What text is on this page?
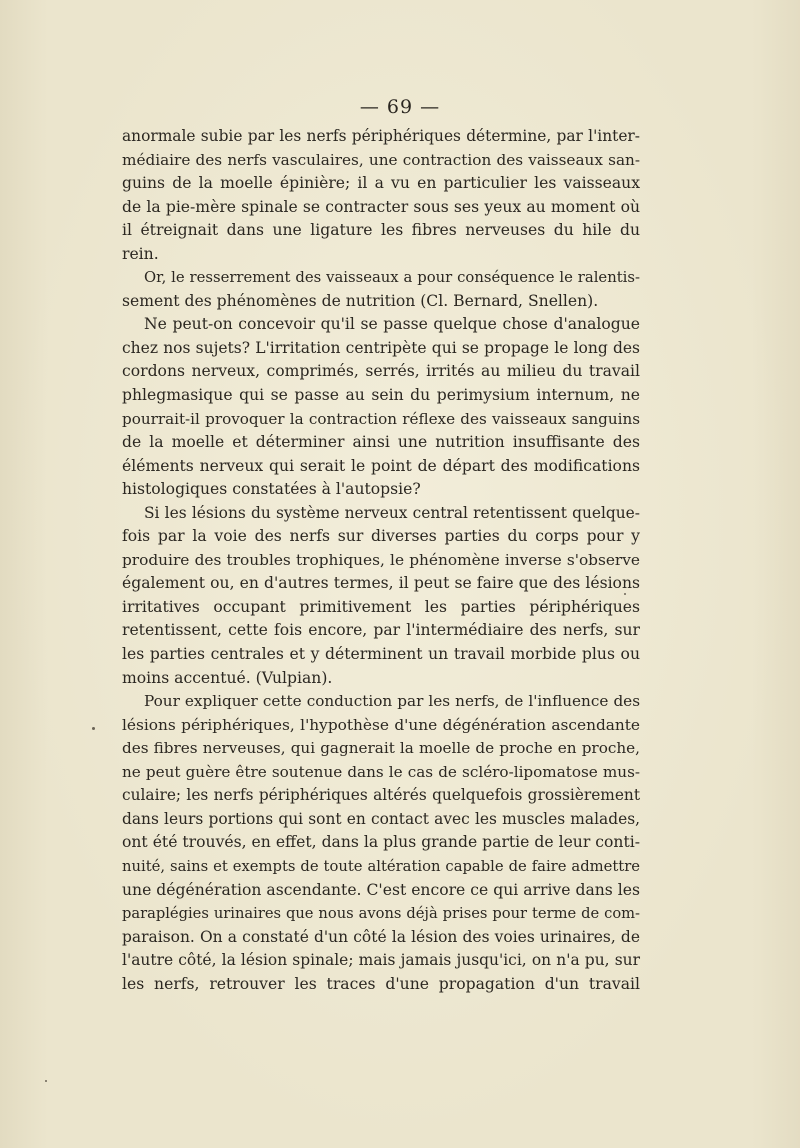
— 69 —
anormale subie par les nerfs périphériques détermine, par l'inter-
médiaire des nerfs vasculaires, une contraction des vaisseaux san-
guins de la moelle épinière; il a vu en particulier les vaisseaux
de la pie-mère spinale se contracter sous ses yeux au moment où
il étreignait dans une ligature les fibres nerveuses du hile du
rein.
Or, le resserrement des vaisseaux a pour conséquence le ralentis-
sement des phénomènes de nutrition (Cl. Bernard, Snellen).
Ne peut-on concevoir qu'il se passe quelque chose d'analogue
chez nos sujets? L'irritation centripète qui se propage le long des
cordons nerveux, comprimés, serrés, irrités au milieu du travail
phlegmasique qui se passe au sein du perimysium internum, ne
pourrait-il provoquer la contraction réflexe des vaisseaux sanguins
de la moelle et déterminer ainsi une nutrition insuffisante des
éléments nerveux qui serait le point de départ des modifications
histologiques constatées à l'autopsie?
Si les lésions du système nerveux central retentissent quelque-
fois par la voie des nerfs sur diverses parties du corps pour y
produire des troubles trophiques, le phénomène inverse s'observe
également ou, en d'autres termes, il peut se faire que des lésions
irritatives occupant primitivement les parties périphériques
retentissent, cette fois encore, par l'intermédiaire des nerfs, sur
les parties centrales et y déterminent un travail morbide plus ou
moins accentué. (Vulpian).
Pour expliquer cette conduction par les nerfs, de l'influence des
lésions périphériques, l'hypothèse d'une dégénération ascendante
des fibres nerveuses, qui gagnerait la moelle de proche en proche,
ne peut guère être soutenue dans le cas de scléro-lipomatose mus-
culaire; les nerfs périphériques altérés quelquefois grossièrement
dans leurs portions qui sont en contact avec les muscles malades,
ont été trouvés, en effet, dans la plus grande partie de leur conti-
nuité, sains et exempts de toute altération capable de faire admettre
une dégénération ascendante. C'est encore ce qui arrive dans les
paraplégies urinaires que nous avons déjà prises pour terme de com-
paraison. On a constaté d'un côté la lésion des voies urinaires, de
l'autre côté, la lésion spinale; mais jamais jusqu'ici, on n'a pu, sur
les nerfs, retrouver les traces d'une propagation d'un travail
